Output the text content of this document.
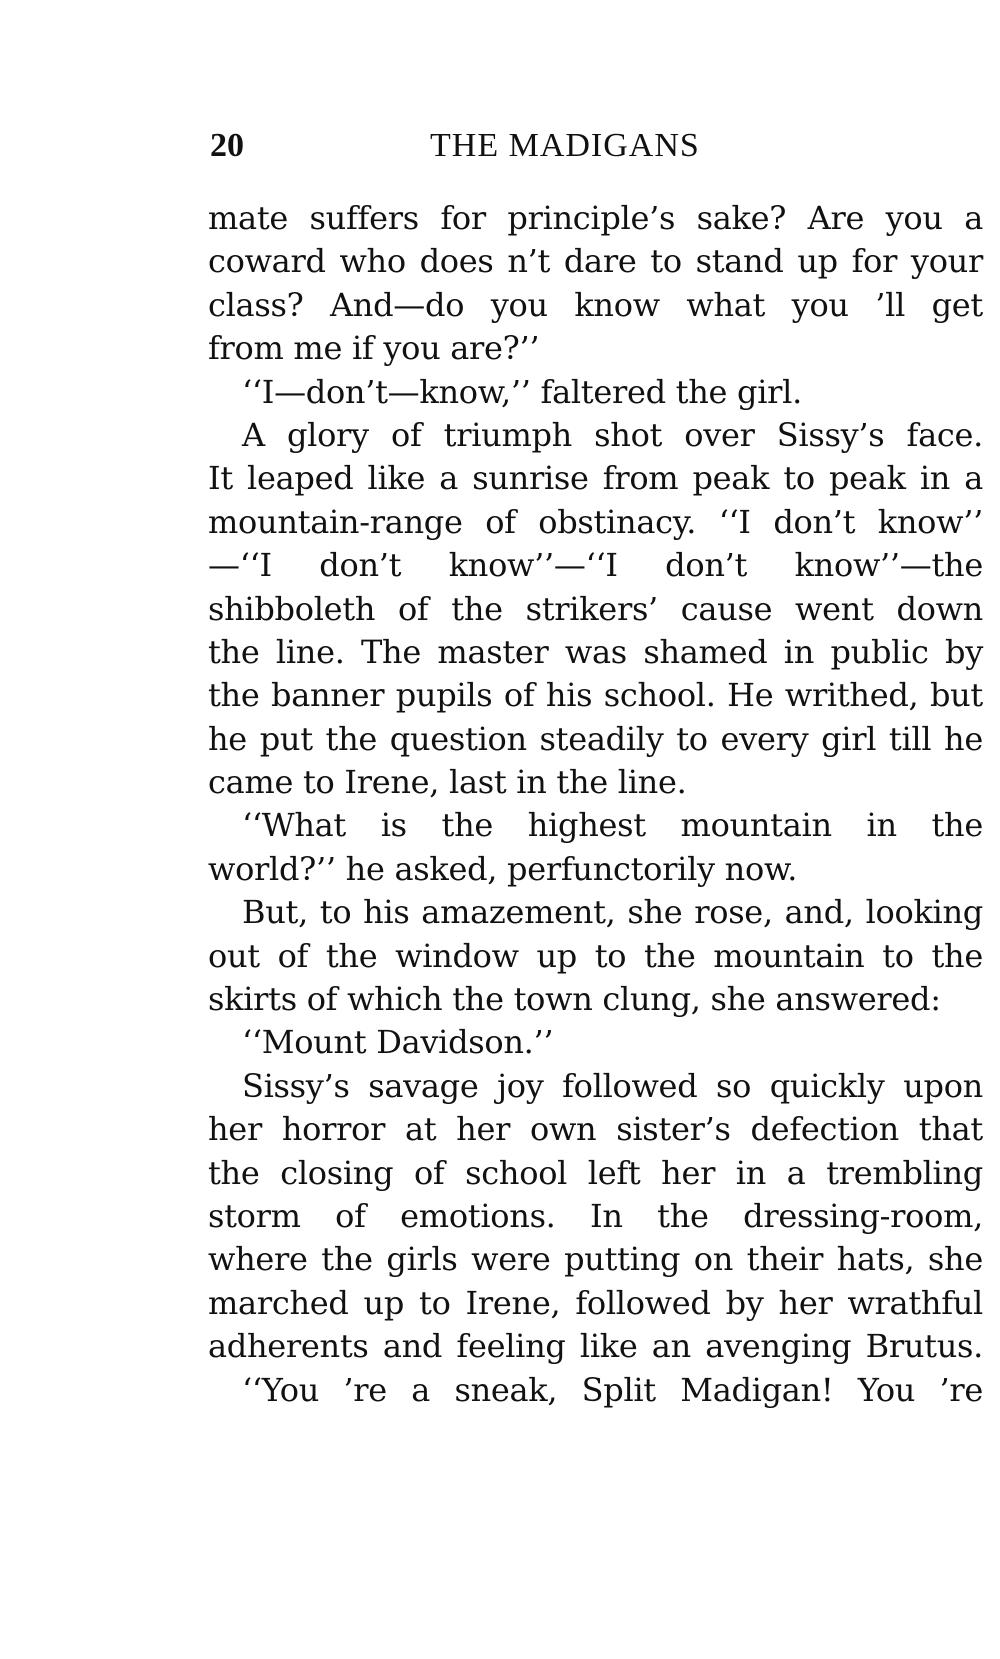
20	THE MADIGANS
mate suffers for principle’s sake? Are you a
coward who does n’t dare to stand up for your
class? And—do you know what you ’ll get
from me if you are?’’
‘‘I—don’t—know,’’ faltered the girl.
A glory of triumph shot over Sissy’s face.
It leaped like a sunrise from peak to peak in a
mountain-range of obstinacy. ‘‘I don’t know’’
—‘‘I don’t know’’—‘‘I don’t know’’—the
shibboleth of the strikers’ cause went down
the line. The master was shamed in public by
the banner pupils of his school. He writhed, but
he put the question steadily to every girl till he
came to Irene, last in the line.
‘‘What is the highest mountain in the
world?’’ he asked, perfunctorily now.
But, to his amazement, she rose, and, looking
out of the window up to the mountain to the
skirts of which the town clung, she answered:
‘‘Mount Davidson.’’
Sissy’s savage joy followed so quickly upon
her horror at her own sister’s defection that
the closing of school left her in a trembling
storm of emotions. In the dressing-room,
where the girls were putting on their hats, she
marched up to Irene, followed by her wrathful
adherents and feeling like an avenging Brutus.
‘‘You ’re a sneak, Split Madigan! You ’re
